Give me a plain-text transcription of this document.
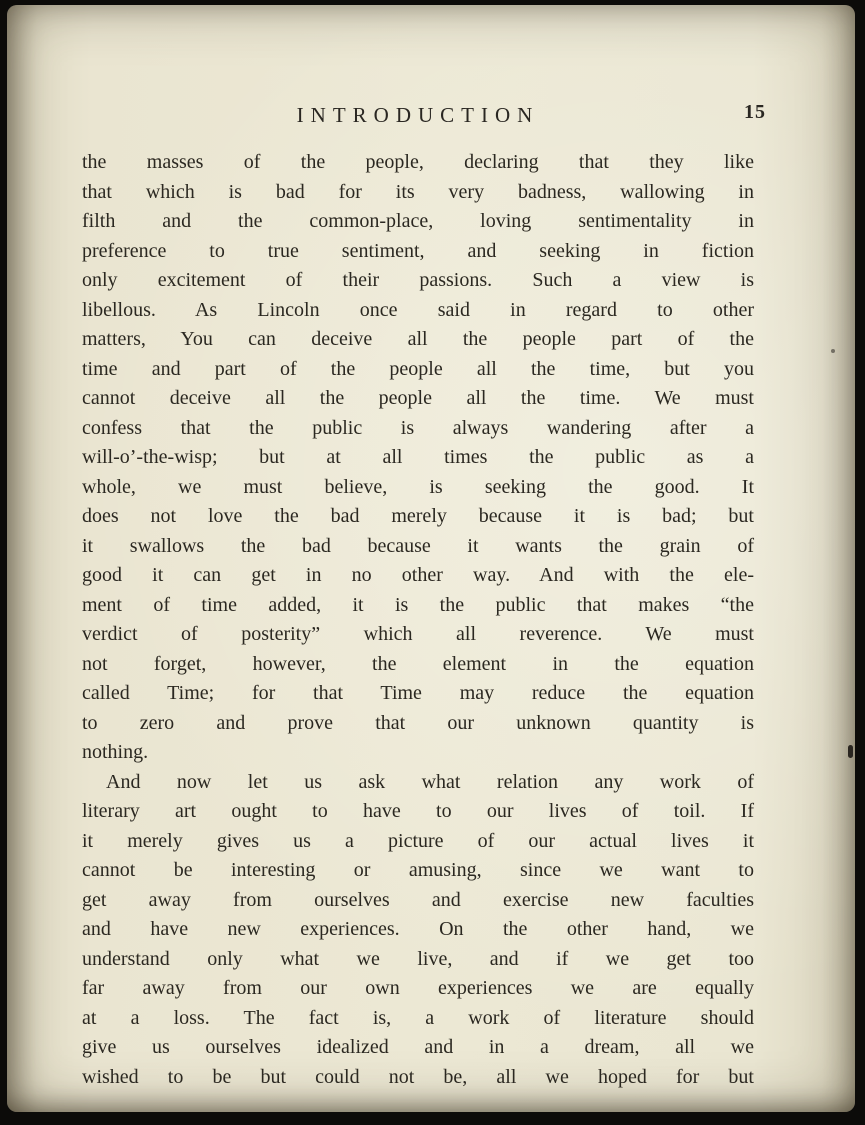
INTRODUCTION	15
the masses of the people, declaring that they like
that which is bad for its very badness, wallowing in
filth and the common-place, loving sentimentality in
preference to true sentiment, and seeking in fiction
only excitement of their passions. Such a view is
libellous. As Lincoln once said in regard to other
matters, You can deceive all the people part of the
time and part of the people all the time, but you
cannot deceive all the people all the time. We must
confess that the public is always wandering after a
will-o’-the-wisp; but at all times the public as a
whole, we must believe, is seeking the good. It
does not love the bad merely because it is bad; but
it swallows the bad because it wants the grain of
good it can get in no other way. And with the ele-
ment of time added, it is the public that makes “the
verdict of posterity” which all reverence. We must
not forget, however, the element in the equation
called Time; for that Time may reduce the equation
to zero and prove that our unknown quantity is
nothing.
And now let us ask what relation any work of
literary art ought to have to our lives of toil. If
it merely gives us a picture of our actual lives it
cannot be interesting or amusing, since we want to
get away from ourselves and exercise new faculties
and have new experiences. On the other hand, we
understand only what we live, and if we get too
far away from our own experiences we are equally
at a loss. The fact is, a work of literature should
give us ourselves idealized and in a dream, all we
wished to be but could not be, all we hoped for but
